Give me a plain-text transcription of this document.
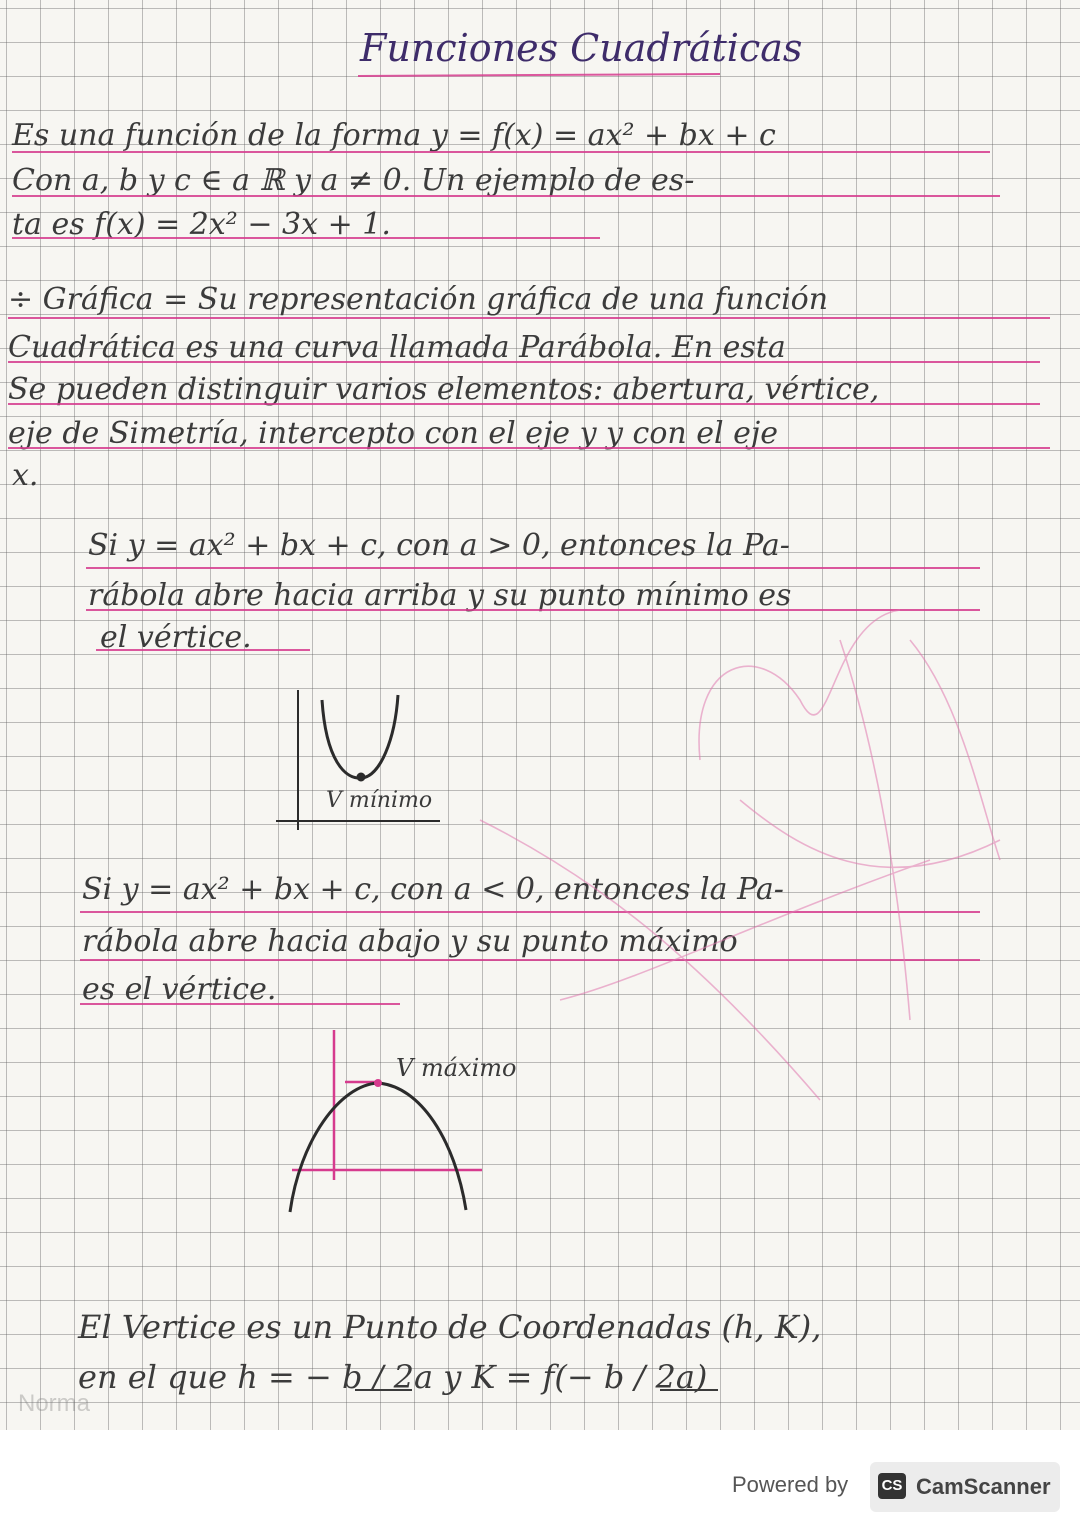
Funciones Cuadráticas
Es una función de la forma y = f(x) = ax² + bx + c
Con a, b y c ∈ a ℝ y a ≠ 0. Un ejemplo de es-
ta es f(x) = 2x² − 3x + 1.
÷ Gráfica = Su representación gráfica de una función
Cuadrática es una curva llamada Parábola. En esta
Se pueden distinguir varios elementos: abertura, vértice,
eje de Simetría, intercepto con el eje y y con el eje
x.
Si y = ax² + bx + c, con a > 0, entonces la Pa-
rábola abre hacia arriba y su punto mínimo es
el vértice.
V mínimo
Si y = ax² + bx + c, con a < 0, entonces la Pa-
rábola abre hacia abajo y su punto máximo
es el vértice.
V máximo
El Vertice es un Punto de Coordenadas (h, K),
en el que h = − b / 2a y K = f(− b / 2a)
Norma
Powered by CS CamScanner
